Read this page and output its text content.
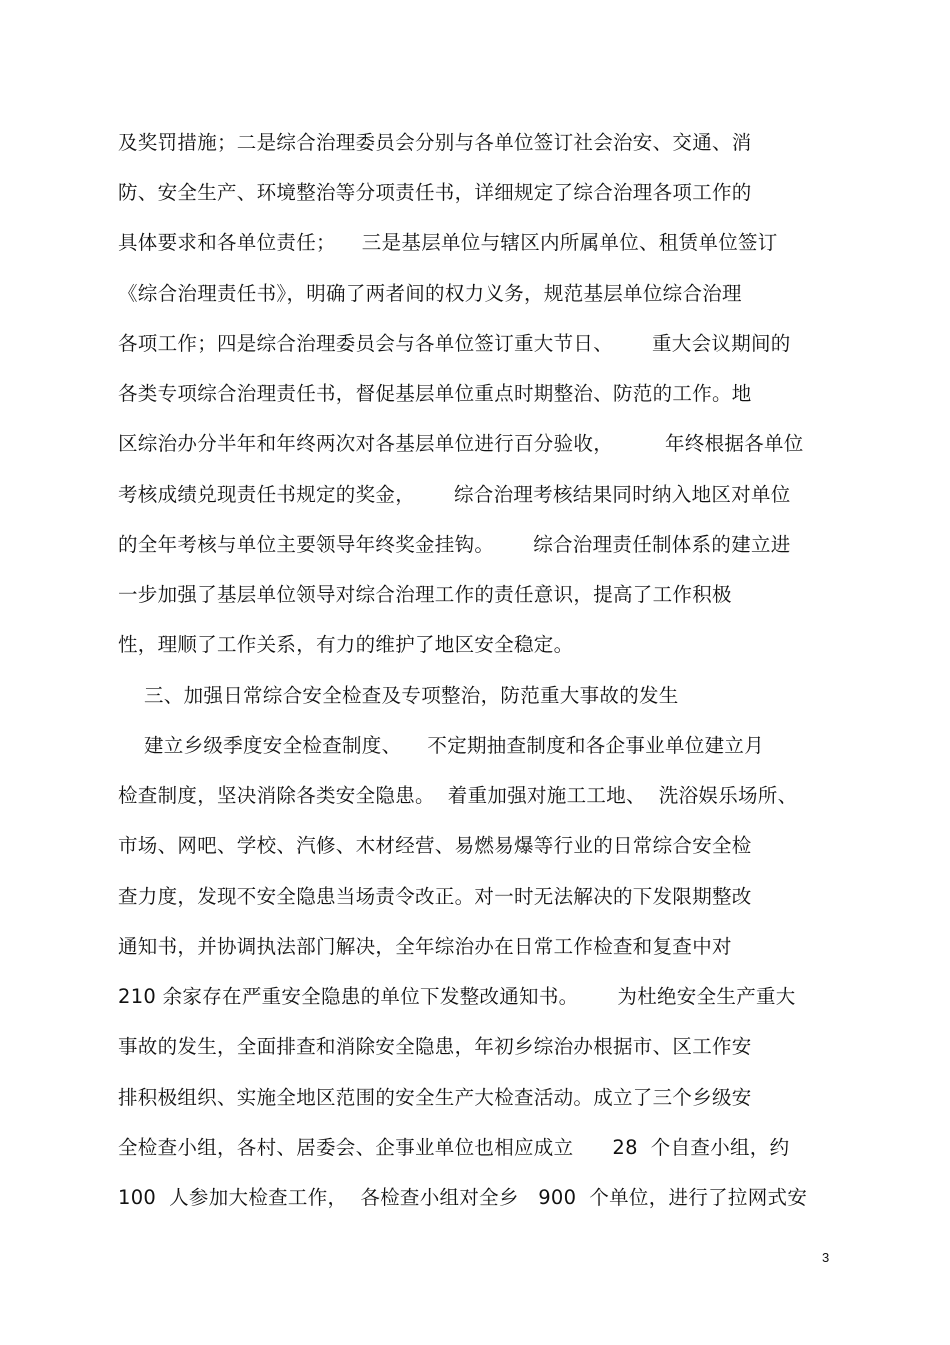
及奖罚措施；二是综合治理委员会分别与各单位签订社会治安、交通、消
防、安全生产、环境整治等分项责任书，详细规定了综合治理各项工作的
具体要求和各单位责任；    三是基层单位与辖区内所属单位、租赁单位签订
《综合治理责任书》，明确了两者间的权力义务，规范基层单位综合治理
各项工作；四是综合治理委员会与各单位签订重大节日、      重大会议期间的
各类专项综合治理责任书，督促基层单位重点时期整治、防范的工作。地
区综治办分半年和年终两次对各基层单位进行百分验收，        年终根据各单位
考核成绩兑现责任书规定的奖金，      综合治理考核结果同时纳入地区对单位
的全年考核与单位主要领导年终奖金挂钩。      综合治理责任制体系的建立进
一步加强了基层单位领导对综合治理工作的责任意识，提高了工作积极
性，理顺了工作关系，有力的维护了地区安全稳定。
三、加强日常综合安全检查及专项整治，防范重大事故的发生
建立乡级季度安全检查制度、    不定期抽查制度和各企事业单位建立月
检查制度，坚决消除各类安全隐患。  着重加强对施工工地、  洗浴娱乐场所、
市场、网吧、学校、汽修、木材经营、易燃易爆等行业的日常综合安全检
查力度，发现不安全隐患当场责令改正。对一时无法解决的下发限期整改
通知书，并协调执法部门解决，全年综治办在日常工作检查和复查中对
210 余家存在严重安全隐患的单位下发整改通知书。      为杜绝安全生产重大
事故的发生，全面排查和消除安全隐患，年初乡综治办根据市、区工作安
排积极组织、实施全地区范围的安全生产大检查活动。成立了三个乡级安
全检查小组，各村、居委会、企事业单位也相应成立      28  个自查小组，约
100  人参加大检查工作，  各检查小组对全乡   900  个单位，进行了拉网式安
3
